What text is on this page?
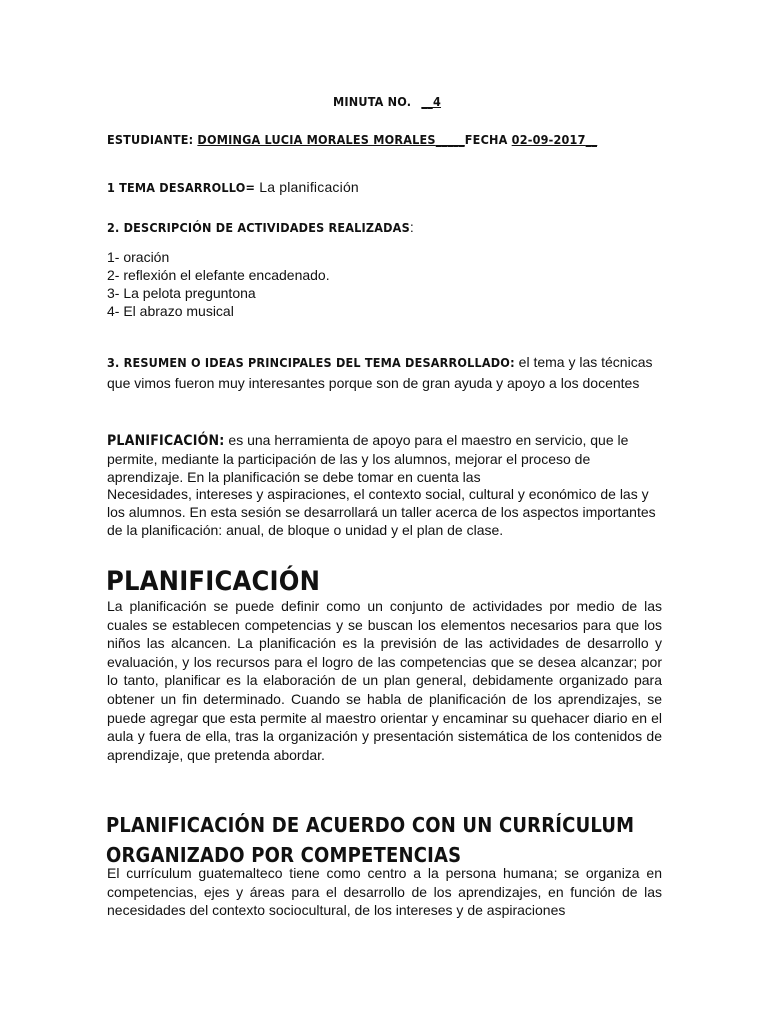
MINUTA NO. __4
ESTUDIANTE: DOMINGA LUCIA MORALES MORALES_____FECHA 02-09-2017__
1 TEMA DESARROLLO= La planificación
2. DESCRIPCIÓN DE ACTIVIDADES REALIZADAS:
1- oración
2- reflexión el elefante encadenado.
3- La pelota preguntona
4- El abrazo musical
3. RESUMEN O IDEAS PRINCIPALES DEL TEMA DESARROLLADO: el tema y las técnicas que vimos fueron muy interesantes porque son de gran ayuda y apoyo a los docentes

PLANIFICACIÓN: es una herramienta de apoyo para el maestro en servicio, que le permite, mediante la participación de las y los alumnos, mejorar el proceso de aprendizaje. En la planificación se debe tomar en cuenta las

Necesidades, intereses y aspiraciones, el contexto social, cultural y económico de las y los alumnos. En esta sesión se desarrollará un taller acerca de los aspectos importantes de la planificación: anual, de bloque o unidad y el plan de clase.

PLANIFICACIÓN

La planificación se puede definir como un conjunto de actividades por medio de las cuales se establecen competencias y se buscan los elementos necesarios para que los niños las alcancen. La planificación es la previsión de las actividades de desarrollo y evaluación, y los recursos para el logro de las competencias que se desea alcanzar; por lo tanto, planificar es la elaboración de un plan general, debidamente organizado para obtener un fin determinado. Cuando se habla de planificación de los aprendizajes, se puede agregar que esta permite al maestro orientar y encaminar su quehacer diario en el aula y fuera de ella, tras la organización y presentación sistemática de los contenidos de aprendizaje, que pretenda abordar.

PLANIFICACIÓN DE ACUERDO CON UN CURRÍCULUM ORGANIZADO POR COMPETENCIAS

El currículum guatemalteco tiene como centro a la persona humana; se organiza en competencias, ejes y áreas para el desarrollo de los aprendizajes, en función de las necesidades del contexto sociocultural, de los intereses y de aspiraciones
